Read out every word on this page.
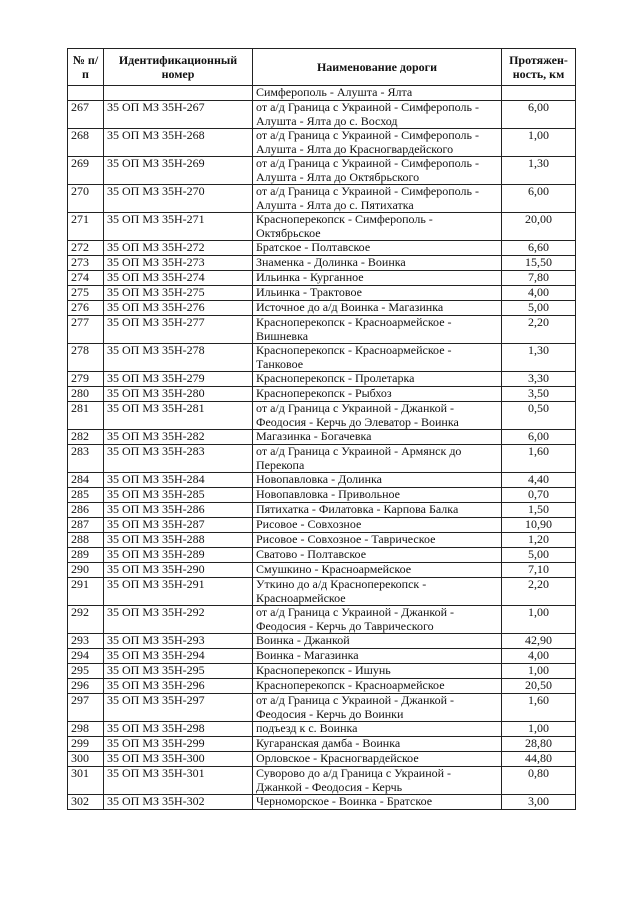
№ п/п	Идентификационный номер	Наименование дороги	Протяжен-ность, км
		Симферополь - Алушта - Ялта	
267	35 ОП МЗ 35Н-267	от а/д Граница с Украиной - Симферополь - Алушта - Ялта до с. Восход	6,00
268	35 ОП МЗ 35Н-268	от а/д Граница с Украиной - Симферополь - Алушта - Ялта до Красногвардейского	1,00
269	35 ОП МЗ 35Н-269	от а/д Граница с Украиной - Симферополь - Алушта - Ялта до Октябрьского	1,30
270	35 ОП МЗ 35Н-270	от а/д Граница с Украиной - Симферополь - Алушта - Ялта до с. Пятихатка	6,00
271	35 ОП МЗ 35Н-271	Красноперекопск - Симферополь - Октябрьское	20,00
272	35 ОП МЗ 35Н-272	Братское - Полтавское	6,60
273	35 ОП МЗ 35Н-273	Знаменка - Долинка - Воинка	15,50
274	35 ОП МЗ 35Н-274	Ильинка - Курганное	7,80
275	35 ОП МЗ 35Н-275	Ильинка - Трактовое	4,00
276	35 ОП МЗ 35Н-276	Источное до а/д Воинка - Магазинка	5,00
277	35 ОП МЗ 35Н-277	Красноперекопск - Красноармейское - Вишневка	2,20
278	35 ОП МЗ 35Н-278	Красноперекопск - Красноармейское - Танковое	1,30
279	35 ОП МЗ 35Н-279	Красноперекопск - Пролетарка	3,30
280	35 ОП МЗ 35Н-280	Красноперекопск - Рыбхоз	3,50
281	35 ОП МЗ 35Н-281	от а/д Граница с Украиной - Джанкой - Феодосия - Керчь до Элеватор - Воинка	0,50
282	35 ОП МЗ 35Н-282	Магазинка - Богачевка	6,00
283	35 ОП МЗ 35Н-283	от а/д Граница с Украиной - Армянск до Перекопа	1,60
284	35 ОП МЗ 35Н-284	Новопавловка - Долинка	4,40
285	35 ОП МЗ 35Н-285	Новопавловка - Привольное	0,70
286	35 ОП МЗ 35Н-286	Пятихатка - Филатовка - Карпова Балка	1,50
287	35 ОП МЗ 35Н-287	Рисовое - Совхозное	10,90
288	35 ОП МЗ 35Н-288	Рисовое - Совхозное - Таврическое	1,20
289	35 ОП МЗ 35Н-289	Сватово - Полтавское	5,00
290	35 ОП МЗ 35Н-290	Смушкино - Красноармейское	7,10
291	35 ОП МЗ 35Н-291	Уткино до а/д Красноперекопск - Красноармейское	2,20
292	35 ОП МЗ 35Н-292	от а/д Граница с Украиной - Джанкой - Феодосия - Керчь до Таврического	1,00
293	35 ОП МЗ 35Н-293	Воинка - Джанкой	42,90
294	35 ОП МЗ 35Н-294	Воинка - Магазинка	4,00
295	35 ОП МЗ 35Н-295	Красноперекопск - Ишунь	1,00
296	35 ОП МЗ 35Н-296	Красноперекопск - Красноармейское	20,50
297	35 ОП МЗ 35Н-297	от а/д Граница с Украиной - Джанкой - Феодосия - Керчь до Воинки	1,60
298	35 ОП МЗ 35Н-298	подъезд к с. Воинка	1,00
299	35 ОП МЗ 35Н-299	Кугаранская дамба - Воинка	28,80
300	35 ОП МЗ 35Н-300	Орловское - Красногвардейское	44,80
301	35 ОП МЗ 35Н-301	Суворово до а/д Граница с Украиной - Джанкой - Феодосия - Керчь	0,80
302	35 ОП МЗ 35Н-302	Черноморское - Воинка - Братское	3,00
